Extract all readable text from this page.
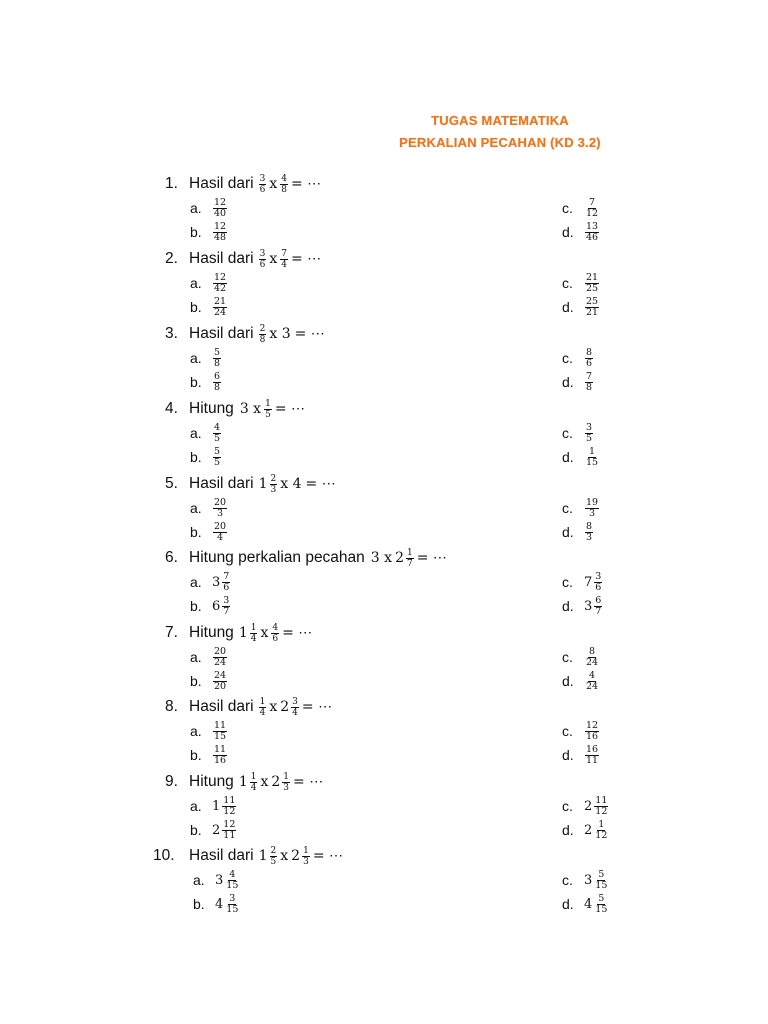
TUGAS MATEMATIKA
PERKALIAN PECAHAN (KD 3.2)
1. Hasil dari $\frac{3}{6}$ x $\frac{4}{8}$ = ⋯
a.	$\frac{12}{40}$
b.	$\frac{12}{48}$
c.	$\frac{7}{12}$
d.	$\frac{13}{46}$
2. Hasil dari $\frac{3}{6}$ x $\frac{7}{4}$ = ⋯
a.	$\frac{12}{42}$
b.	$\frac{21}{24}$
c.	$\frac{21}{25}$
d.	$\frac{25}{21}$
3. Hasil dari $\frac{2}{8}$ x 3 = ⋯
a.	$\frac{5}{8}$
b.	$\frac{6}{8}$
c.	$\frac{8}{6}$
d.	$\frac{7}{8}$
4. Hitung 3 x $\frac{1}{5}$ = ⋯
a.	$\frac{4}{5}$
b.	$\frac{5}{5}$
c.	$\frac{3}{5}$
d.	$\frac{1}{15}$
5. Hasil dari $1 \frac{2}{3}$ x 4 = ⋯
a.	$\frac{20}{3}$
b.	$\frac{20}{4}$
c.	$\frac{19}{3}$
d.	$\frac{8}{3}$
6. Hitung perkalian pecahan 3 x $2 \frac{1}{7}$ = ⋯
a. $3 \frac{7}{6}$
b. $6 \frac{3}{7}$
c. $7 \frac{3}{6}$
d. $3 \frac{6}{7}$
7. Hitung $1 \frac{1}{4}$ x $\frac{4}{6}$ = ⋯
a.	$\frac{20}{24}$
b.	$\frac{24}{20}$
c.	$\frac{8}{24}$
d.	$\frac{4}{24}$
8. Hasil dari $\frac{1}{4}$ x $2 \frac{3}{4}$ = ⋯
a.	$\frac{11}{15}$
b.	$\frac{11}{16}$
c.	$\frac{12}{16}$
d.	$\frac{16}{11}$
9. Hitung $1 \frac{1}{4}$ x $2 \frac{1}{3}$ = ⋯
a. $1 \frac{11}{12}$
b. $2 \frac{12}{11}$
c. $2 \frac{11}{12}$
d. $2 \frac{1}{12}$
10. Hasil dari $1 \frac{2}{5}$ x $2 \frac{1}{3}$ = ⋯
a. $3 \frac{4}{15}$
b. $4 \frac{3}{15}$
c. $3 \frac{5}{15}$
d. $4 \frac{5}{15}$
